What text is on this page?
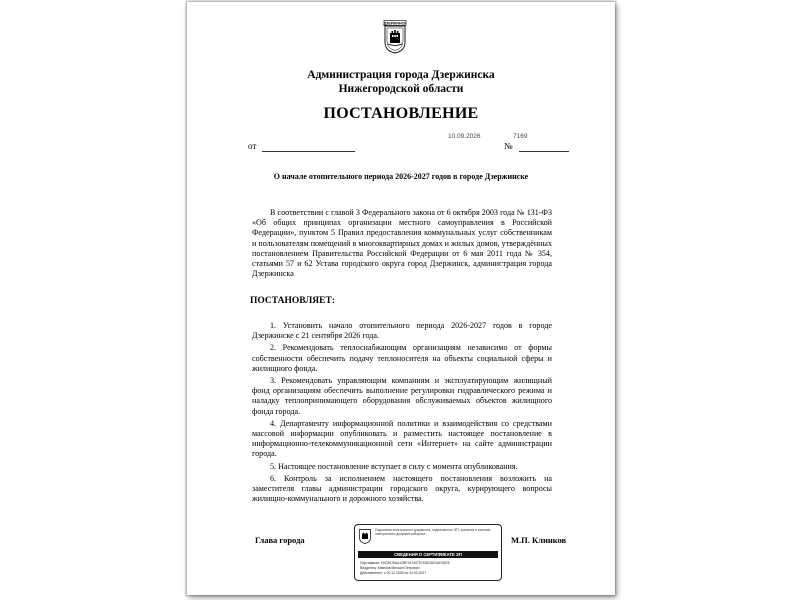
ДЗЕРЖИНСК
Администрация города Дзержинска
Нижегородской области
ПОСТАНОВЛЕНИЕ
от
10.09.2026
№
7169
О начале отопительного периода 2026-2027 годов в городе Дзержинске
В соответствии с главой 3 Федерального закона от 6 октября 2003 года № 131-ФЗ «Об общих принципах организации местного самоуправления в Российской Федерации», пунктом 5 Правил предоставления коммунальных услуг собственникам и пользователям помещений в многоквартирных домах и жилых домов, утверждённых постановлением Правительства Российской Федерации от 6 мая 2011 года № 354, статьями 57 и 62 Устава городского округа город Дзержинск, администрация города Дзержинска
ПОСТАНОВЛЯЕТ:

1. Установить начало отопительного периода 2026-2027 годов в городе Дзержинске с 21 сентября 2026 года.

2. Рекомендовать теплоснабжающим организациям независимо от формы собственности обеспечить подачу теплоносителя на объекты социальной сферы и жилищного фонда.

3. Рекомендовать управляющим компаниям и эксплуатирующим жилищный фонд организациям обеспечить выполнение регулировки гидравлического режима и наладку теплопринимающего оборудования обслуживаемых объектов жилищного фонда города.

4. Департаменту информационной политики и взаимодействия со средствами массовой информации опубликовать и разместить настоящее постановление в информационно-телекоммуникационной сети «Интернет» на сайте администрации города.

5. Настоящее постановление вступает в силу с момента опубликования.

6. Контроль за исполнением настоящего постановления возложить на заместителя главы администрации городского округа, курирующего вопросы жилищно-коммунального и дорожного хозяйства.

Глава города
Подлинник электронного документа, подписанного ЭП, хранится в системе электронного документооборота
СВЕДЕНИЯ О СЕРТИФИКАТЕ ЭП
Сертификат: 00C9676AA12BF247407071B2C823AF4DE5
Владелец: Клинков Михаил Петрович
Действителен: с 20.12.2025 по 24.03.2027
М.П. Клинков
